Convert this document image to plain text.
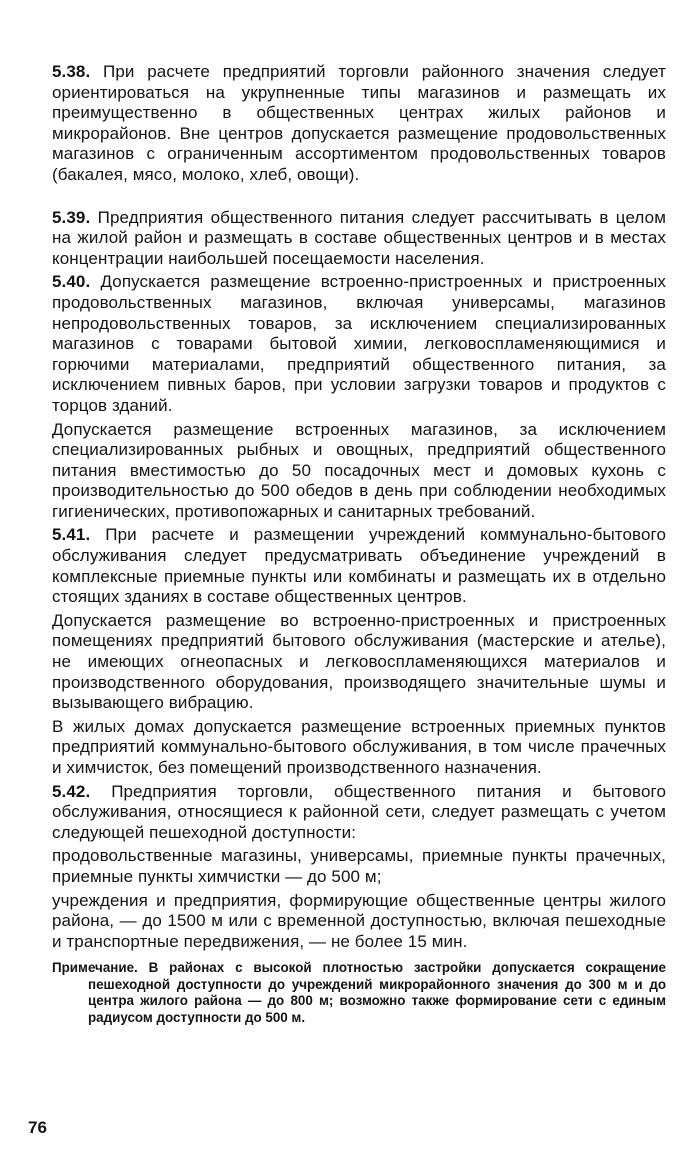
5.38. При расчете предприятий торговли районного значения следует ориентироваться на укрупненные типы магазинов и размещать их преимущественно в общественных центрах жилых районов и микрорайонов. Вне центров допускается размещение продовольственных магазинов с ограниченным ассортиментом продовольственных товаров (бакалея, мясо, молоко, хлеб, овощи).

5.39. Предприятия общественного питания следует рассчитывать в целом на жилой район и размещать в составе общественных центров и в местах концентрации наибольшей посещаемости населения.

5.40. Допускается размещение встроенно-пристроенных и пристроенных продовольственных магазинов, включая универсамы, магазинов непродовольственных товаров, за исключением специализированных магазинов с товарами бытовой химии, легковоспламеняющимися и горючими материалами, предприятий общественного питания, за исключением пивных баров, при условии загрузки товаров и продуктов с торцов зданий.

Допускается размещение встроенных магазинов, за исключением специализированных рыбных и овощных, предприятий общественного питания вместимостью до 50 посадочных мест и домовых кухонь с производительностью до 500 обедов в день при соблюдении необходимых гигиенических, противопожарных и санитарных требований.

5.41. При расчете и размещении учреждений коммунально-бытового обслуживания следует предусматривать объединение учреждений в комплексные приемные пункты или комбинаты и размещать их в отдельно стоящих зданиях в составе общественных центров.

Допускается размещение во встроенно-пристроенных и пристроенных помещениях предприятий бытового обслуживания (мастерские и ателье), не имеющих огнеопасных и легковоспламеняющихся материалов и производственного оборудования, производящего значительные шумы и вызывающего вибрацию.

В жилых домах допускается размещение встроенных приемных пунктов предприятий коммунально-бытового обслуживания, в том числе прачечных и химчисток, без помещений производственного назначения.

5.42. Предприятия торговли, общественного питания и бытового обслуживания, относящиеся к районной сети, следует размещать с учетом следующей пешеходной доступности:

продовольственные магазины, универсамы, приемные пункты прачечных, приемные пункты химчистки — до 500 м;

учреждения и предприятия, формирующие общественные центры жилого района, — до 1500 м или с временной доступностью, включая пешеходные и транспортные передвижения, — не более 15 мин.

Примечание. В районах с высокой плотностью застройки допускается сокращение пешеходной доступности до учреждений микрорайонного значения до 300 м и до центра жилого района — до 800 м; возможно также формирование сети с единым радиусом доступности до 500 м.

76
